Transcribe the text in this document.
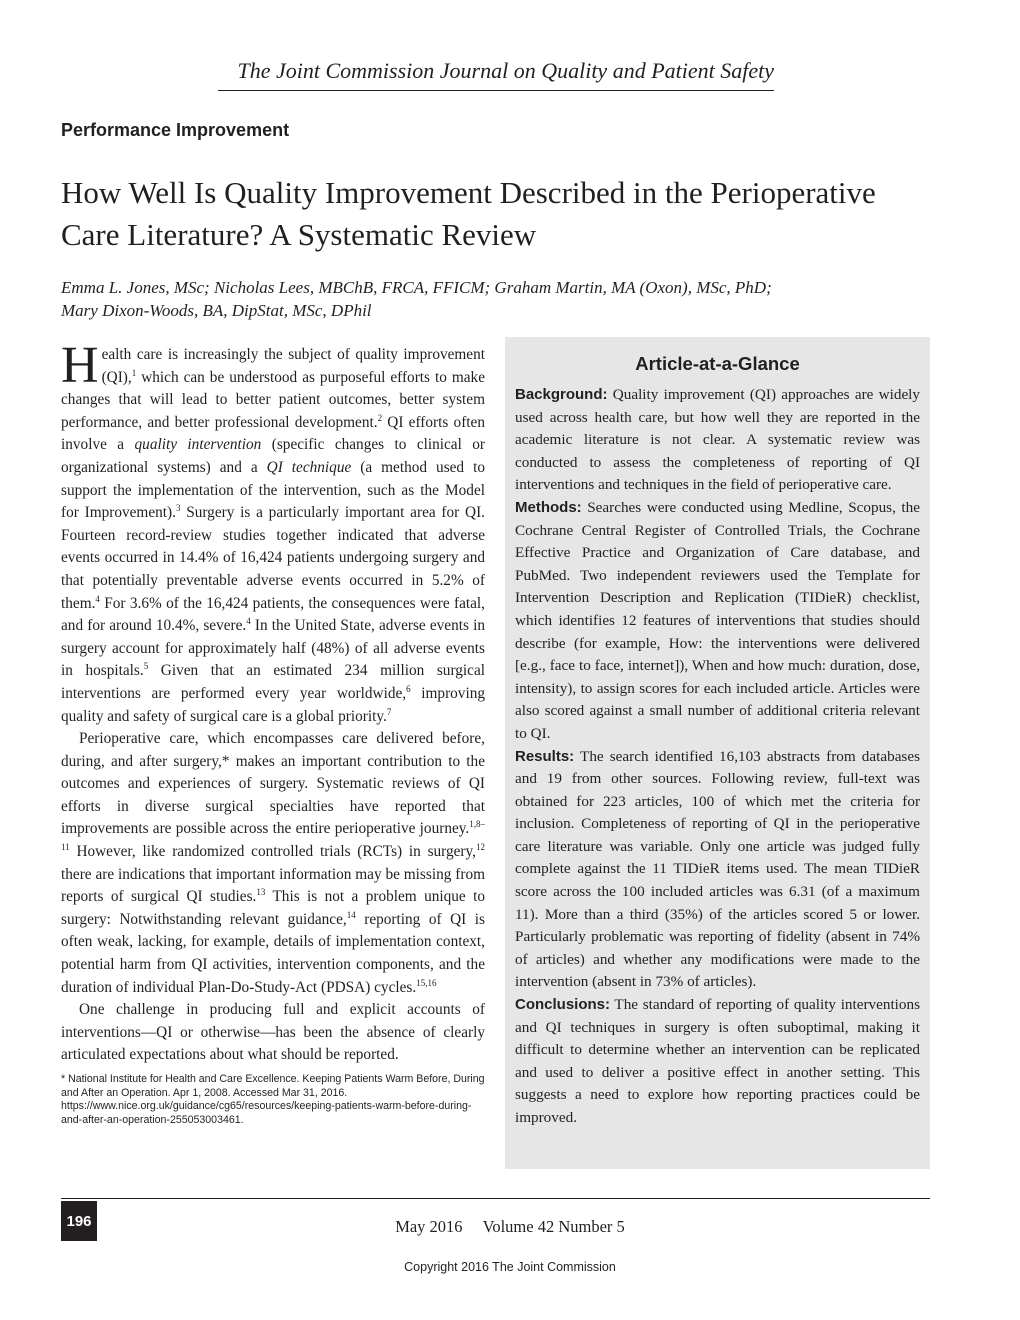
The Joint Commission Journal on Quality and Patient Safety
Performance Improvement
How Well Is Quality Improvement Described in the Perioperative Care Literature? A Systematic Review
Emma L. Jones, MSc; Nicholas Lees, MBChB, FRCA, FFICM; Graham Martin, MA (Oxon), MSc, PhD;
Mary Dixon-Woods, BA, DipStat, MSc, DPhil

Health care is increasingly the subject of quality improvement (QI),$^1$ which can be understood as purposeful efforts to make changes that will lead to better patient outcomes, better system performance, and better professional development.$^2$ QI efforts often involve a quality intervention (specific changes to clinical or organizational systems) and a QI technique (a method used to support the implementation of the intervention, such as the Model for Improvement).$^3$ Surgery is a particularly important area for QI. Fourteen record-review studies together indicated that adverse events occurred in 14.4% of 16,424 patients undergoing surgery and that potentially preventable adverse events occurred in 5.2% of them.$^4$ For 3.6% of the 16,424 patients, the consequences were fatal, and for around 10.4%, severe.$^4$ In the United State, adverse events in surgery account for approximately half (48%) of all adverse events in hospitals.$^5$ Given that an estimated 234 million surgical interventions are performed every year worldwide,$^6$ improving quality and safety of surgical care is a global priority.$^7$

Perioperative care, which encompasses care delivered before, during, and after surgery,* makes an important contribution to the outcomes and experiences of surgery. Systematic reviews of QI efforts in diverse surgical specialties have reported that improvements are possible across the entire perioperative journey.$^{1,8-11}$ However, like randomized controlled trials (RCTs) in surgery,$^{12}$ there are indications that important information may be missing from reports of surgical QI studies.$^{13}$ This is not a problem unique to surgery: Notwithstanding relevant guidance,$^{14}$ reporting of QI is often weak, lacking, for example, details of implementation context, potential harm from QI activities, intervention components, and the duration of individual Plan-Do-Study-Act (PDSA) cycles.$^{15,16}$

One challenge in producing full and explicit accounts of interventions—QI or otherwise—has been the absence of clearly articulated expectations about what should be reported.

* National Institute for Health and Care Excellence. Keeping Patients Warm Before, During and After an Operation. Apr 1, 2008. Accessed Mar 31, 2016. https://www.nice.org.uk/guidance/cg65/resources/keeping-patients-warm-before-during-and-after-an-operation-255053003461.
Article-at-a-Glance

Background: Quality improvement (QI) approaches are widely used across health care, but how well they are reported in the academic literature is not clear. A systematic review was conducted to assess the completeness of reporting of QI interventions and techniques in the field of perioperative care.

Methods: Searches were conducted using Medline, Scopus, the Cochrane Central Register of Controlled Trials, the Cochrane Effective Practice and Organization of Care database, and PubMed. Two independent reviewers used the Template for Intervention Description and Replication (TIDieR) checklist, which identifies 12 features of interventions that studies should describe (for example, How: the interventions were delivered [e.g., face to face, internet]), When and how much: duration, dose, intensity), to assign scores for each included article. Articles were also scored against a small number of additional criteria relevant to QI.

Results: The search identified 16,103 abstracts from databases and 19 from other sources. Following review, full-text was obtained for 223 articles, 100 of which met the criteria for inclusion. Completeness of reporting of QI in the perioperative care literature was variable. Only one article was judged fully complete against the 11 TIDieR items used. The mean TIDieR score across the 100 included articles was 6.31 (of a maximum 11). More than a third (35%) of the articles scored 5 or lower. Particularly problematic was reporting of fidelity (absent in 74% of articles) and whether any modifications were made to the intervention (absent in 73% of articles).

Conclusions: The standard of reporting of quality interventions and QI techniques in surgery is often suboptimal, making it difficult to determine whether an intervention can be replicated and used to deliver a positive effect in another setting. This suggests a need to explore how reporting practices could be improved.

196	May 2016 Volume 42 Number 5
Copyright 2016 The Joint Commission
